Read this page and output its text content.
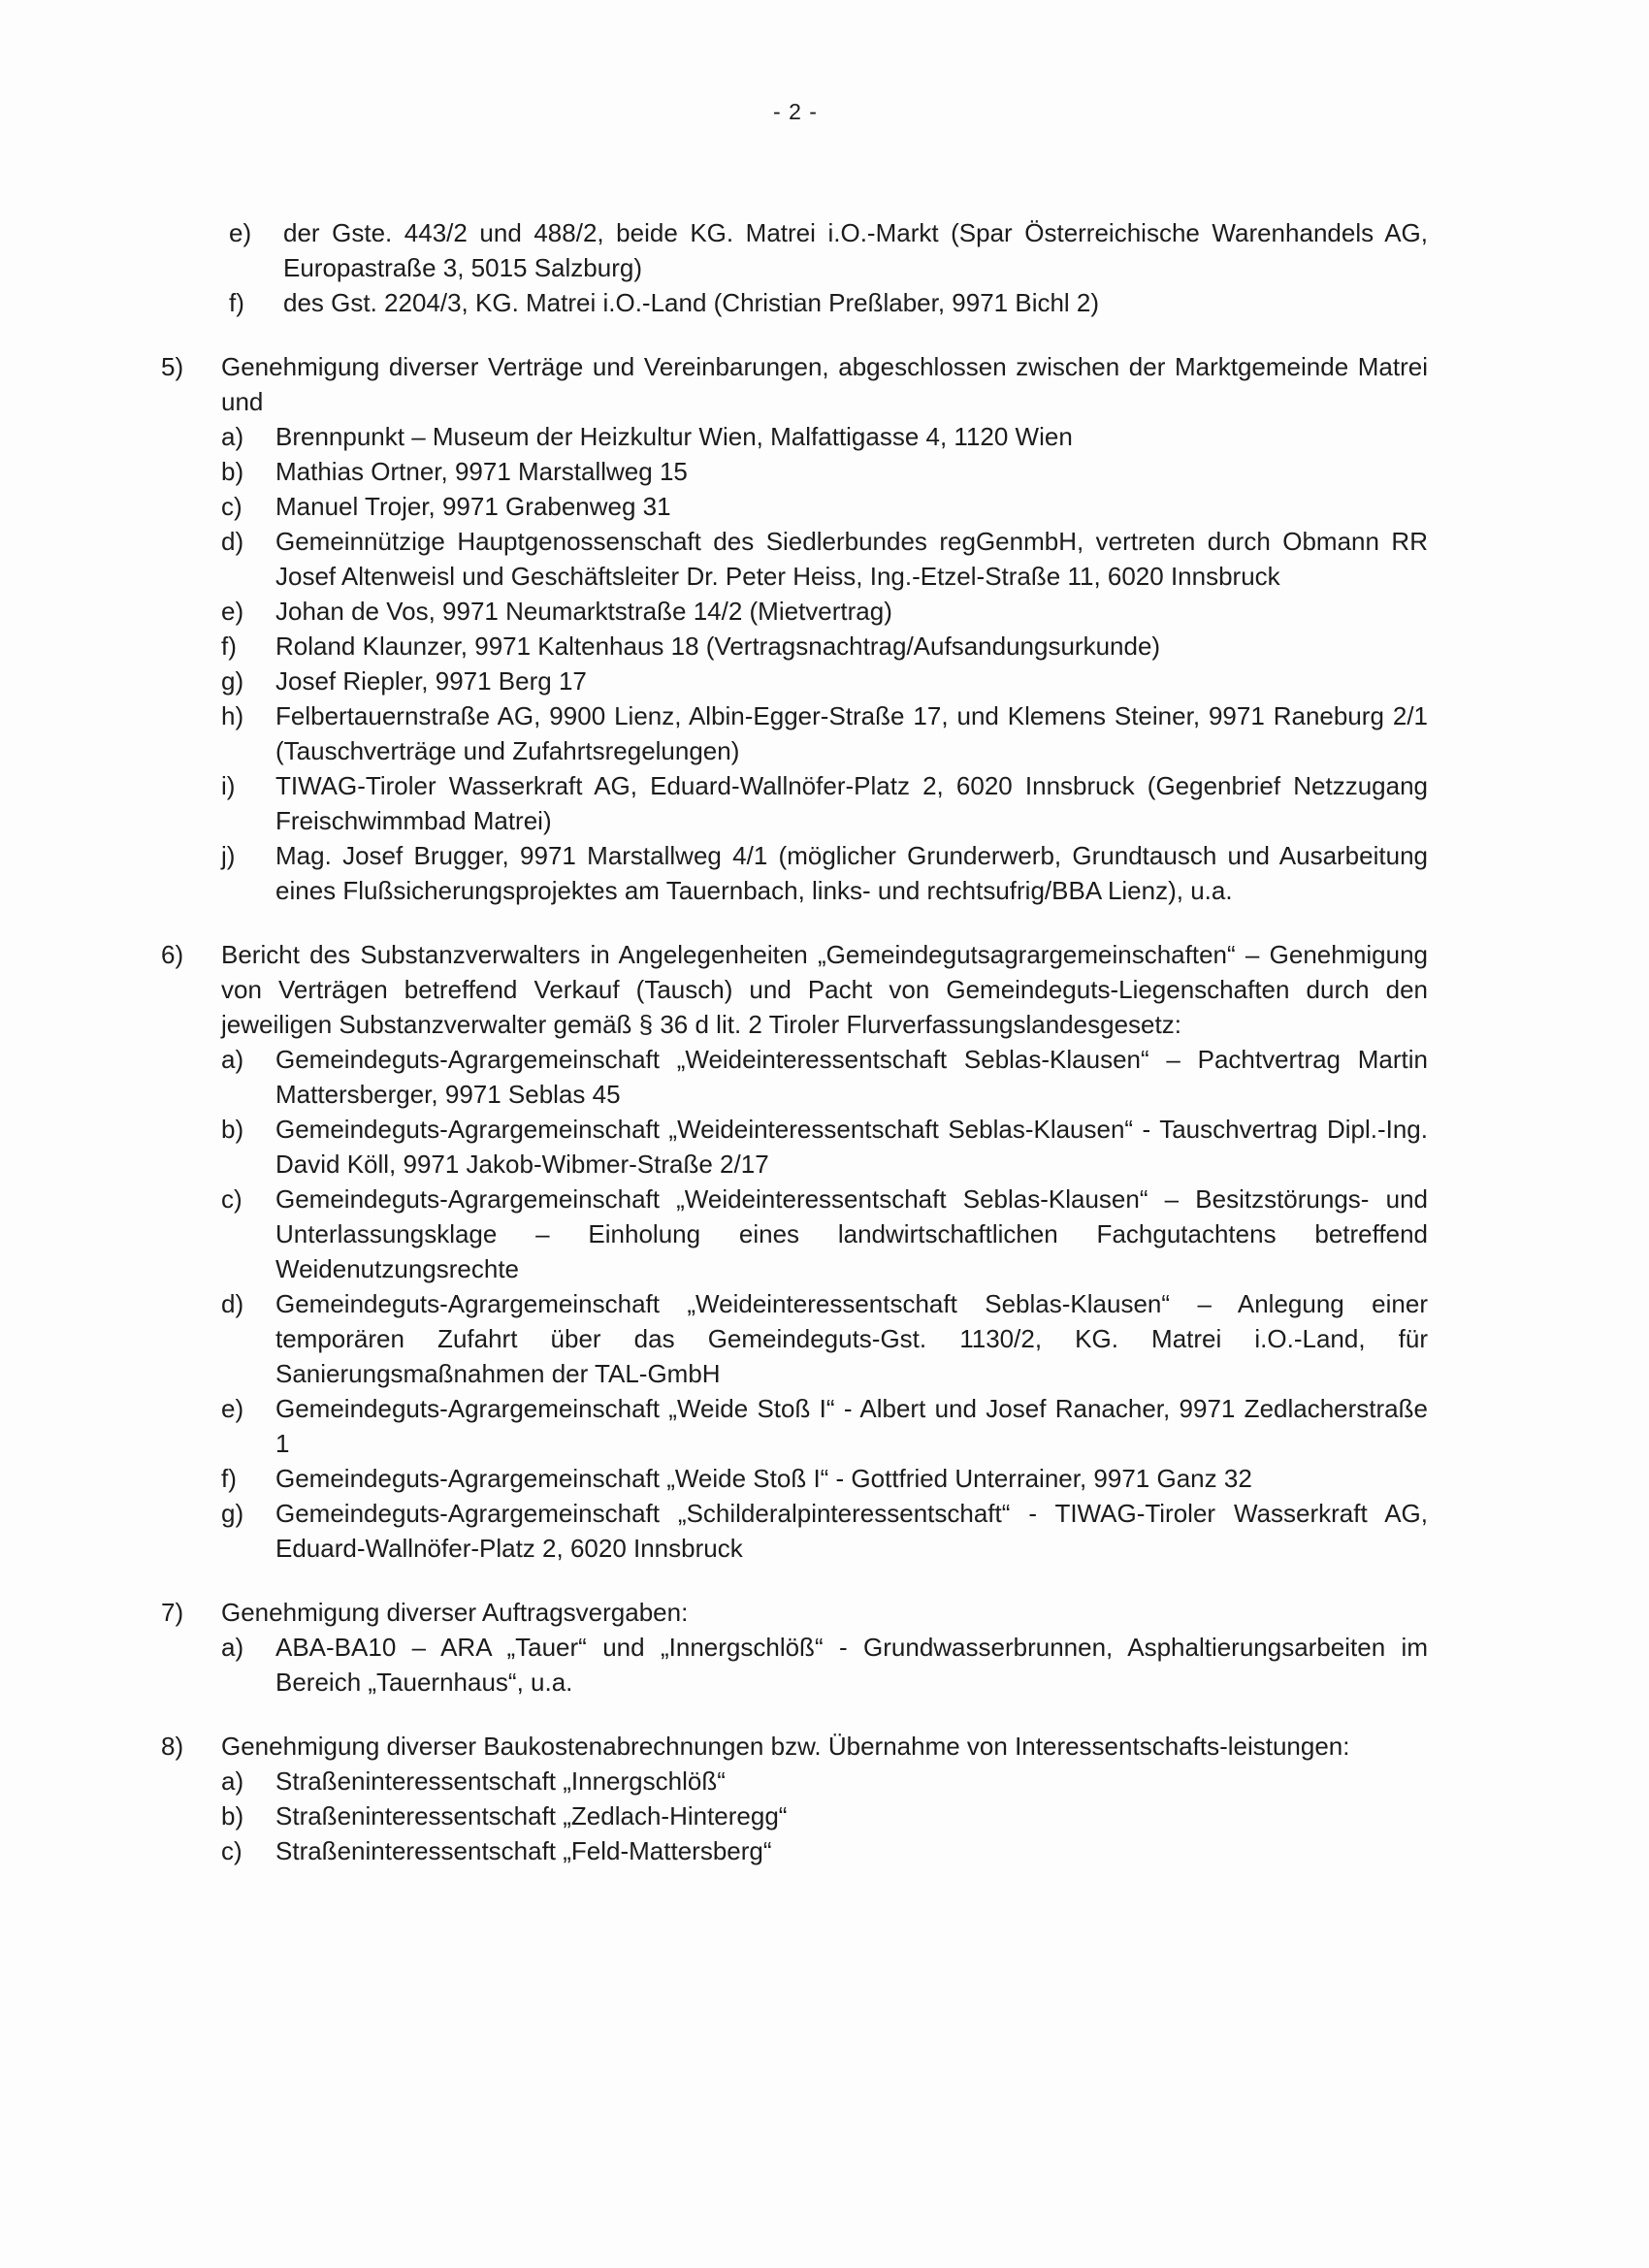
- 2 -
e)	der Gste. 443/2 und 488/2, beide KG. Matrei i.O.-Markt (Spar Österreichische Warenhandels AG, Europastraße 3, 5015 Salzburg)
f)	des Gst. 2204/3, KG. Matrei i.O.-Land (Christian Preßlaber, 9971 Bichl 2)
5)	Genehmigung diverser Verträge und Vereinbarungen, abgeschlossen zwischen der Marktgemeinde Matrei und
a)	Brennpunkt – Museum der Heizkultur Wien, Malfattigasse 4, 1120 Wien
b)	Mathias Ortner, 9971 Marstallweg 15
c)	Manuel Trojer, 9971 Grabenweg 31
d)	Gemeinnützige Hauptgenossenschaft des Siedlerbundes regGenmbH, vertreten durch Obmann RR Josef Altenweisl und Geschäftsleiter Dr. Peter Heiss, Ing.-Etzel-Straße 11, 6020 Innsbruck
e)	Johan de Vos, 9971 Neumarktstraße 14/2 (Mietvertrag)
f)	Roland Klaunzer, 9971 Kaltenhaus 18 (Vertragsnachtrag/Aufsandungsurkunde)
g)	Josef Riepler, 9971 Berg 17
h)	Felbertauernstraße AG, 9900 Lienz, Albin-Egger-Straße 17, und Klemens Steiner, 9971 Raneburg 2/1 (Tauschverträge und Zufahrtsregelungen)
i)	TIWAG-Tiroler Wasserkraft AG, Eduard-Wallnöfer-Platz 2, 6020 Innsbruck (Gegenbrief Netzzugang Freischwimmbad Matrei)
j)	Mag. Josef Brugger, 9971 Marstallweg 4/1 (möglicher Grunderwerb, Grundtausch und Ausarbeitung eines Flußsicherungsprojektes am Tauernbach, links- und rechtsufrig/BBA Lienz), u.a.
6)	Bericht des Substanzverwalters in Angelegenheiten „Gemeindegutsagrargemeinschaften“ – Genehmigung von Verträgen betreffend Verkauf (Tausch) und Pacht von Gemeindeguts-Liegenschaften durch den jeweiligen Substanzverwalter gemäß § 36 d lit. 2 Tiroler Flurverfassungslandesgesetz:
a)	Gemeindeguts-Agrargemeinschaft „Weideinteressentschaft Seblas-Klausen“ – Pachtvertrag Martin Mattersberger, 9971 Seblas 45
b)	Gemeindeguts-Agrargemeinschaft „Weideinteressentschaft Seblas-Klausen“ - Tauschvertrag Dipl.-Ing. David Köll, 9971 Jakob-Wibmer-Straße 2/17
c)	Gemeindeguts-Agrargemeinschaft „Weideinteressentschaft Seblas-Klausen“ – Besitzstörungs- und Unterlassungsklage – Einholung eines landwirtschaftlichen Fachgutachtens betreffend Weidenutzungsrechte
d)	Gemeindeguts-Agrargemeinschaft „Weideinteressentschaft Seblas-Klausen“ – Anlegung einer temporären Zufahrt über das Gemeindeguts-Gst. 1130/2, KG. Matrei i.O.-Land, für Sanierungsmaßnahmen der TAL-GmbH
e)	Gemeindeguts-Agrargemeinschaft „Weide Stoß I“ - Albert und Josef Ranacher, 9971 Zedlacherstraße 1
f)	Gemeindeguts-Agrargemeinschaft „Weide Stoß I“ - Gottfried Unterrainer, 9971 Ganz 32
g)	Gemeindeguts-Agrargemeinschaft „Schilderalpinteressentschaft“ - TIWAG-Tiroler Wasserkraft AG, Eduard-Wallnöfer-Platz 2, 6020 Innsbruck
7)	Genehmigung diverser Auftragsvergaben:
a)	ABA-BA10 – ARA „Tauer“ und „Innergschlöß“ - Grundwasserbrunnen, Asphaltierungsarbeiten im Bereich „Tauernhaus“, u.a.
8)	Genehmigung diverser Baukostenabrechnungen bzw. Übernahme von Interessentschafts-leistungen:
a)	Straßeninteressentschaft „Innergschlöß“
b)	Straßeninteressentschaft „Zedlach-Hinteregg“
c)	Straßeninteressentschaft „Feld-Mattersberg“
